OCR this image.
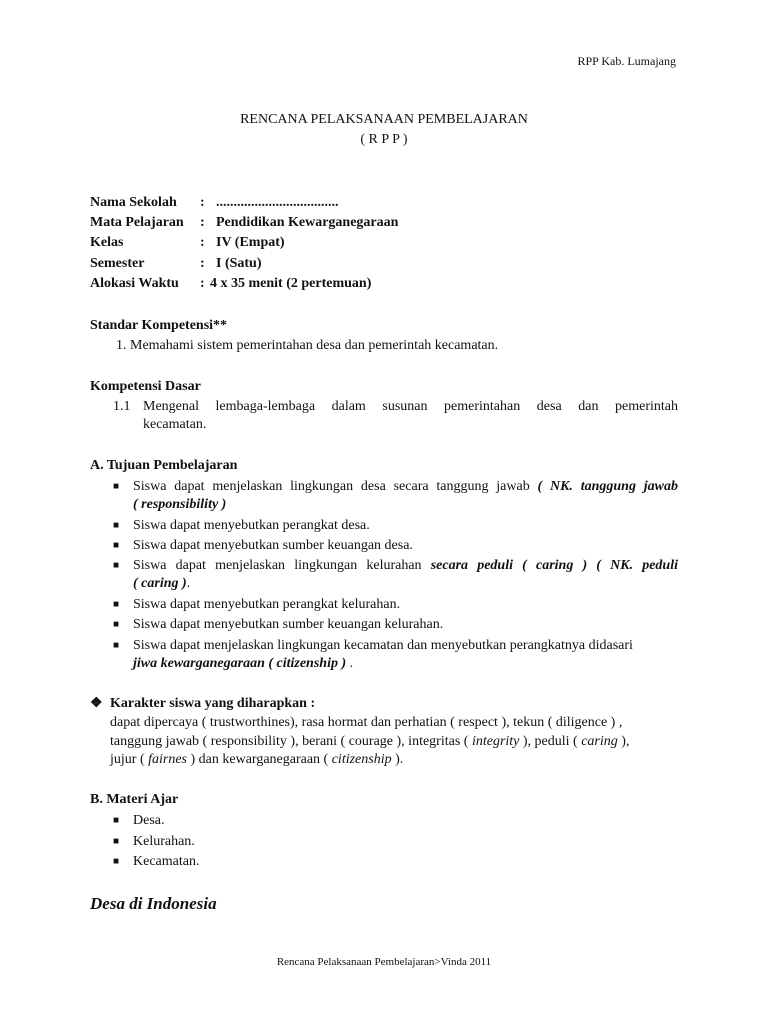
RPP Kab. Lumajang
RENCANA PELAKSANAAN PEMBELAJARAN
( R P P )
Nama Sekolah : ...................................
Mata Pelajaran : Pendidikan Kewarganegaraan
Kelas	: IV (Empat)
Semester	: I (Satu)
Alokasi Waktu : 4 x 35 menit (2 pertemuan)
Standar Kompetensi**
1. Memahami sistem pemerintahan desa dan pemerintah kecamatan.
Kompetensi Dasar
1.1 Mengenal lembaga-lembaga dalam susunan pemerintahan desa dan pemerintah
kecamatan.
A. Tujuan Pembelajaran
■ Siswa dapat menjelaskan lingkungan desa secara tanggung jawab ( NK. tanggung jawab
( responsibility )
■ Siswa dapat menyebutkan perangkat desa.
■ Siswa dapat menyebutkan sumber keuangan desa.
■ Siswa dapat menjelaskan lingkungan kelurahan secara peduli ( caring ) ( NK. peduli
( caring ).
■ Siswa dapat menyebutkan perangkat kelurahan.
■ Siswa dapat menyebutkan sumber keuangan kelurahan.
■ Siswa dapat menjelaskan lingkungan kecamatan dan menyebutkan perangkatnya didasari
jiwa kewarganegaraan ( citizenship ) .
❖ Karakter siswa yang diharapkan :
dapat dipercaya ( trustworthines), rasa hormat dan perhatian ( respect ), tekun ( diligence ) ,
tanggung jawab ( responsibility ), berani ( courage ), integritas ( integrity ), peduli ( caring ),
jujur ( fairnes ) dan kewarganegaraan ( citizenship ).
B. Materi Ajar
■ Desa.
■ Kelurahan.
■ Kecamatan.
Desa di Indonesia
Rencana Pelaksanaan Pembelajaran>Vinda 2011
